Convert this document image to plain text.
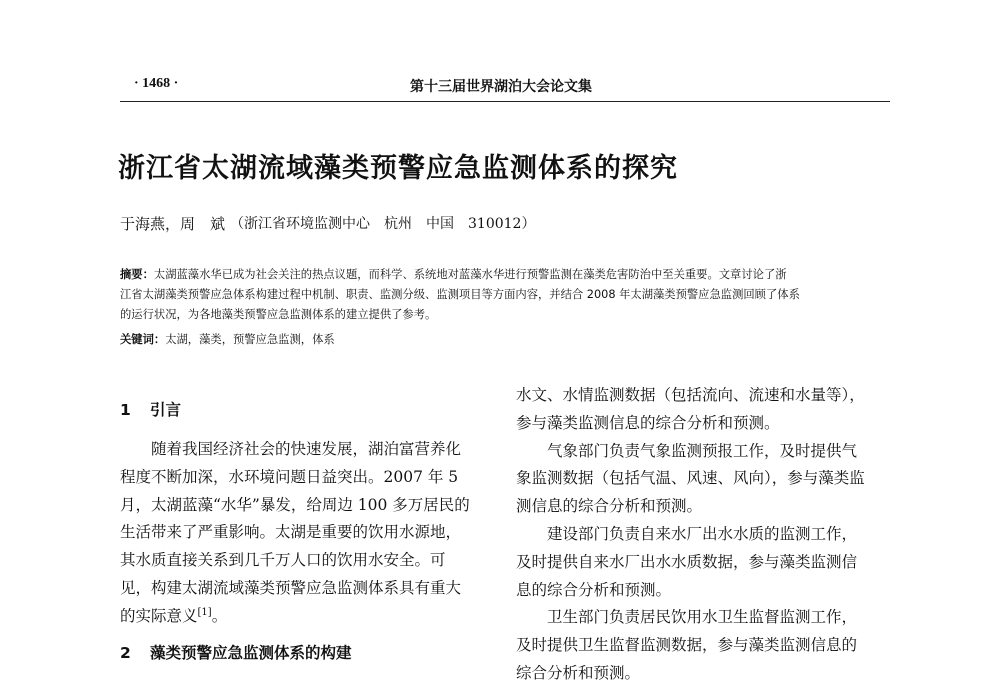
· 1468 ·	第十三届世界湖泊大会论文集
浙江省太湖流域藻类预警应急监测体系的探究
于海燕，周　斌 （浙江省环境监测中心　杭州　中国　310012）
摘要：太湖蓝藻水华已成为社会关注的热点议题，而科学、系统地对蓝藻水华进行预警监测在藻类危害防治中至关重要。文章讨论了浙
江省太湖藻类预警应急体系构建过程中机制、职责、监测分级、监测项目等方面内容，并结合 2008 年太湖藻类预警应急监测回顾了体系
的运行状况，为各地藻类预警应急监测体系的建立提供了参考。
关键词：太湖，藻类，预警应急监测，体系
1 引言
随着我国经济社会的快速发展，湖泊富营养化
程度不断加深，水环境问题日益突出。2007 年 5
月，太湖蓝藻“水华”暴发，给周边 100 多万居民的
生活带来了严重影响。太湖是重要的饮用水源地，
其水质直接关系到几千万人口的饮用水安全。可
见，构建太湖流域藻类预警应急监测体系具有重大
的实际意义[1]。
2 藻类预警应急监测体系的构建
水文、水情监测数据（包括流向、流速和水量等），
参与藻类监测信息的综合分析和预测。
气象部门负责气象监测预报工作，及时提供气
象监测数据（包括气温、风速、风向），参与藻类监
测信息的综合分析和预测。
建设部门负责自来水厂出水水质的监测工作，
及时提供自来水厂出水水质数据，参与藻类监测信
息的综合分析和预测。
卫生部门负责居民饮用水卫生监督监测工作，
及时提供卫生监督监测数据，参与藻类监测信息的
综合分析和预测。
